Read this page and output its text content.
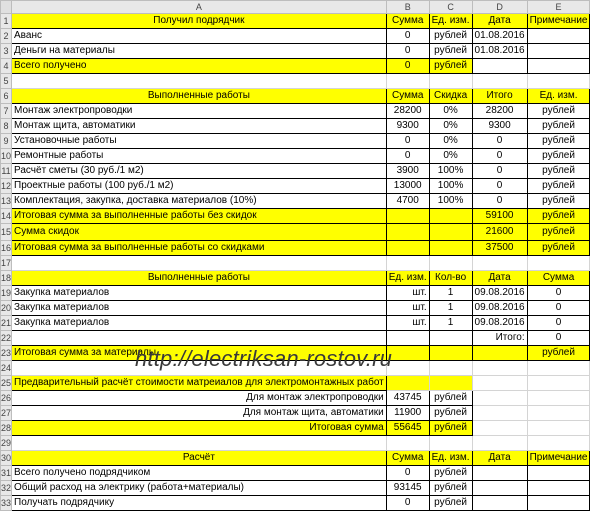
	A	B	C	D	E
1	Получил подрядчик	Сумма	Ед. изм.	Дата	Примечание
2	Аванс	0	рублей	01.08.2016	
3	Деньги на материалы	0	рублей	01.08.2016	
4	Всего получено	0	рублей		
5					
6	Выполненные работы	Сумма	Скидка	Итого	Ед. изм.
7	Монтаж электропроводки	28200	0%	28200	рублей
8	Монтаж щита, автоматики	9300	0%	9300	рублей
9	Установочные работы	0	0%	0	рублей
10	Ремонтные работы	0	0%	0	рублей
11	Расчёт сметы (30 руб./1 м2)	3900	100%	0	рублей
12	Проектные работы (100 руб./1 м2)	13000	100%	0	рублей
13	Комплектация, закупка, доставка материалов (10%)	4700	100%	0	рублей
14	Итоговая сумма за выполненные работы без скидок			59100	рублей
15	Сумма скидок			21600	рублей
16	Итоговая сумма за выполненные работы со скидками			37500	рублей
17					
18	Выполненные работы	Ед. изм.	Кол-во	Дата	Сумма
19	Закупка материалов	шт.	1	09.08.2016	0
20	Закупка материалов	шт.	1	09.08.2016	0
21	Закупка материалов	шт.	1	09.08.2016	0
22				Итого:	0
23	Итоговая сумма за материалы				рублей
24					
25	Предварительный расчёт стоимости матреиалов для электромонтажных работ				
26	Для монтаж электропроводки	43745	рублей		
27	Для монтаж щита, автоматики	11900	рублей		
28	Итоговая сумма	55645	рублей		
29					
30	Расчёт	Сумма	Ед. изм.	Дата	Примечание
31	Всего получено подрядчиком	0	рублей		
32	Общий расход на электрику (работа+материалы)	93145	рублей		
33	Получать подрядчику	0	рублей		
http://electriksan-rostov.ru
